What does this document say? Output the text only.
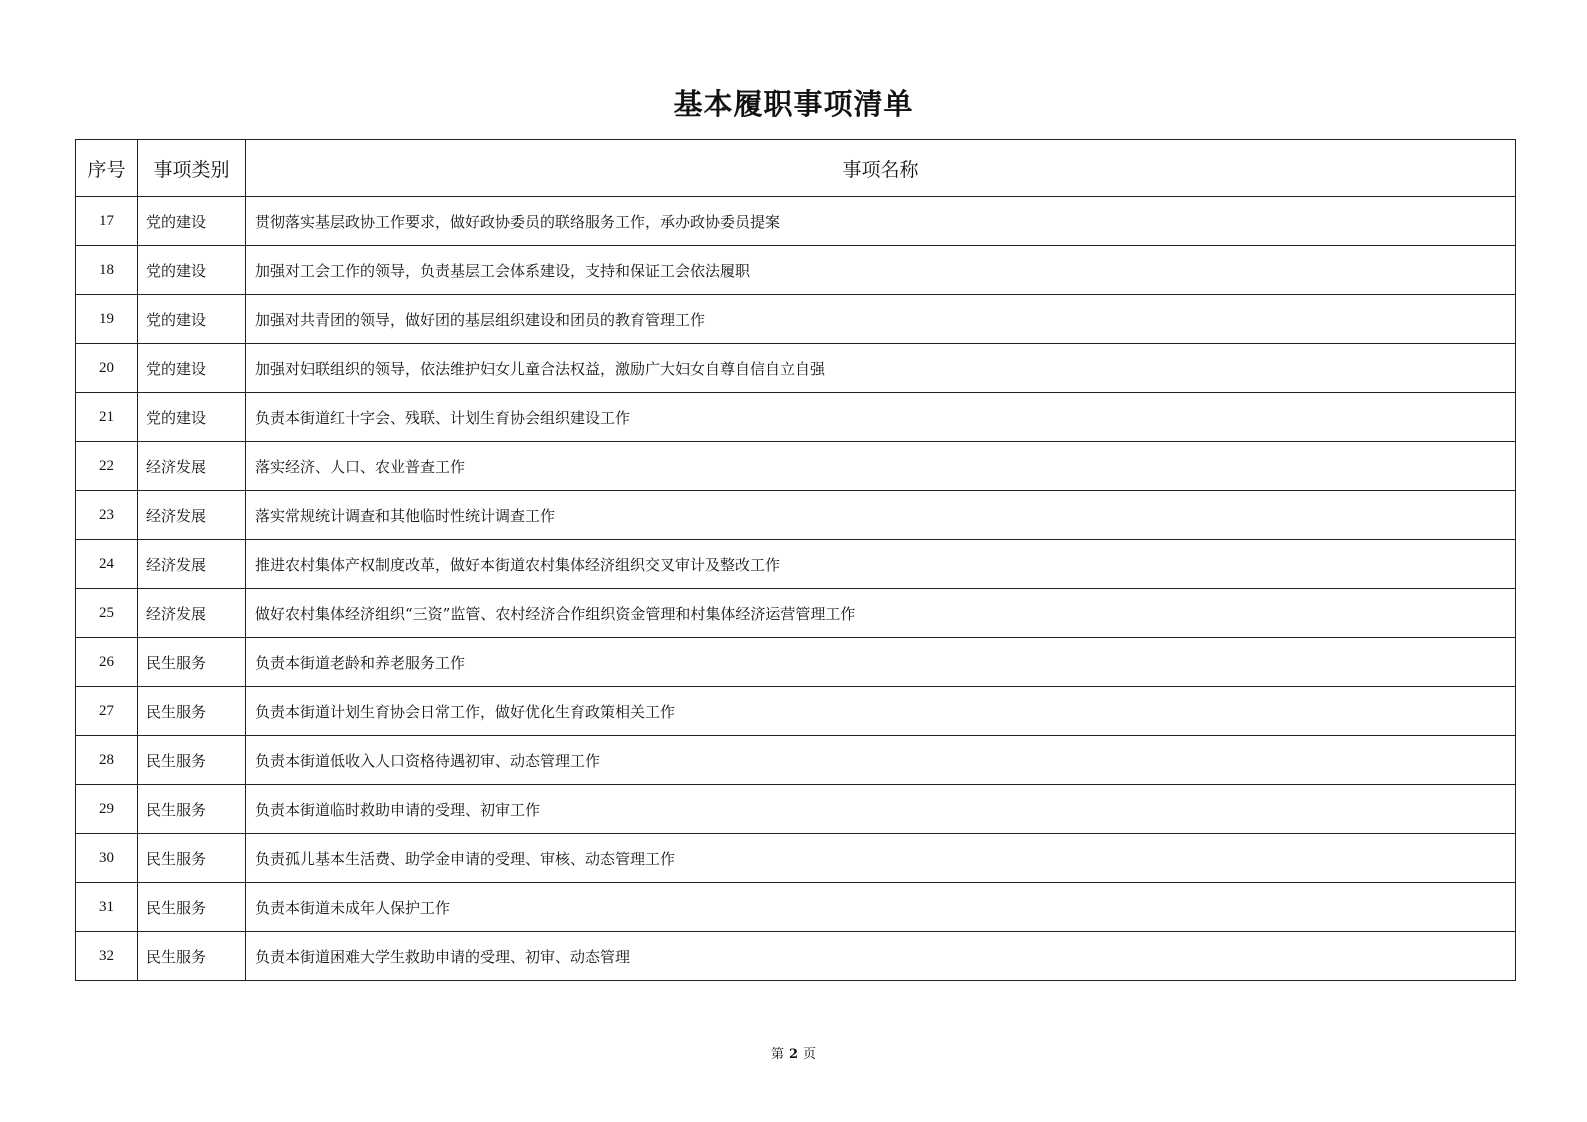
基本履职事项清单
序号	事项类别	事项名称
17	党的建设	贯彻落实基层政协工作要求，做好政协委员的联络服务工作，承办政协委员提案
18	党的建设	加强对工会工作的领导，负责基层工会体系建设，支持和保证工会依法履职
19	党的建设	加强对共青团的领导，做好团的基层组织建设和团员的教育管理工作
20	党的建设	加强对妇联组织的领导，依法维护妇女儿童合法权益，激励广大妇女自尊自信自立自强
21	党的建设	负责本街道红十字会、残联、计划生育协会组织建设工作
22	经济发展	落实经济、人口、农业普查工作
23	经济发展	落实常规统计调查和其他临时性统计调查工作
24	经济发展	推进农村集体产权制度改革，做好本街道农村集体经济组织交叉审计及整改工作
25	经济发展	做好农村集体经济组织“三资”监管、农村经济合作组织资金管理和村集体经济运营管理工作
26	民生服务	负责本街道老龄和养老服务工作
27	民生服务	负责本街道计划生育协会日常工作，做好优化生育政策相关工作
28	民生服务	负责本街道低收入人口资格待遇初审、动态管理工作
29	民生服务	负责本街道临时救助申请的受理、初审工作
30	民生服务	负责孤儿基本生活费、助学金申请的受理、审核、动态管理工作
31	民生服务	负责本街道未成年人保护工作
32	民生服务	负责本街道困难大学生救助申请的受理、初审、动态管理
第 2 页
